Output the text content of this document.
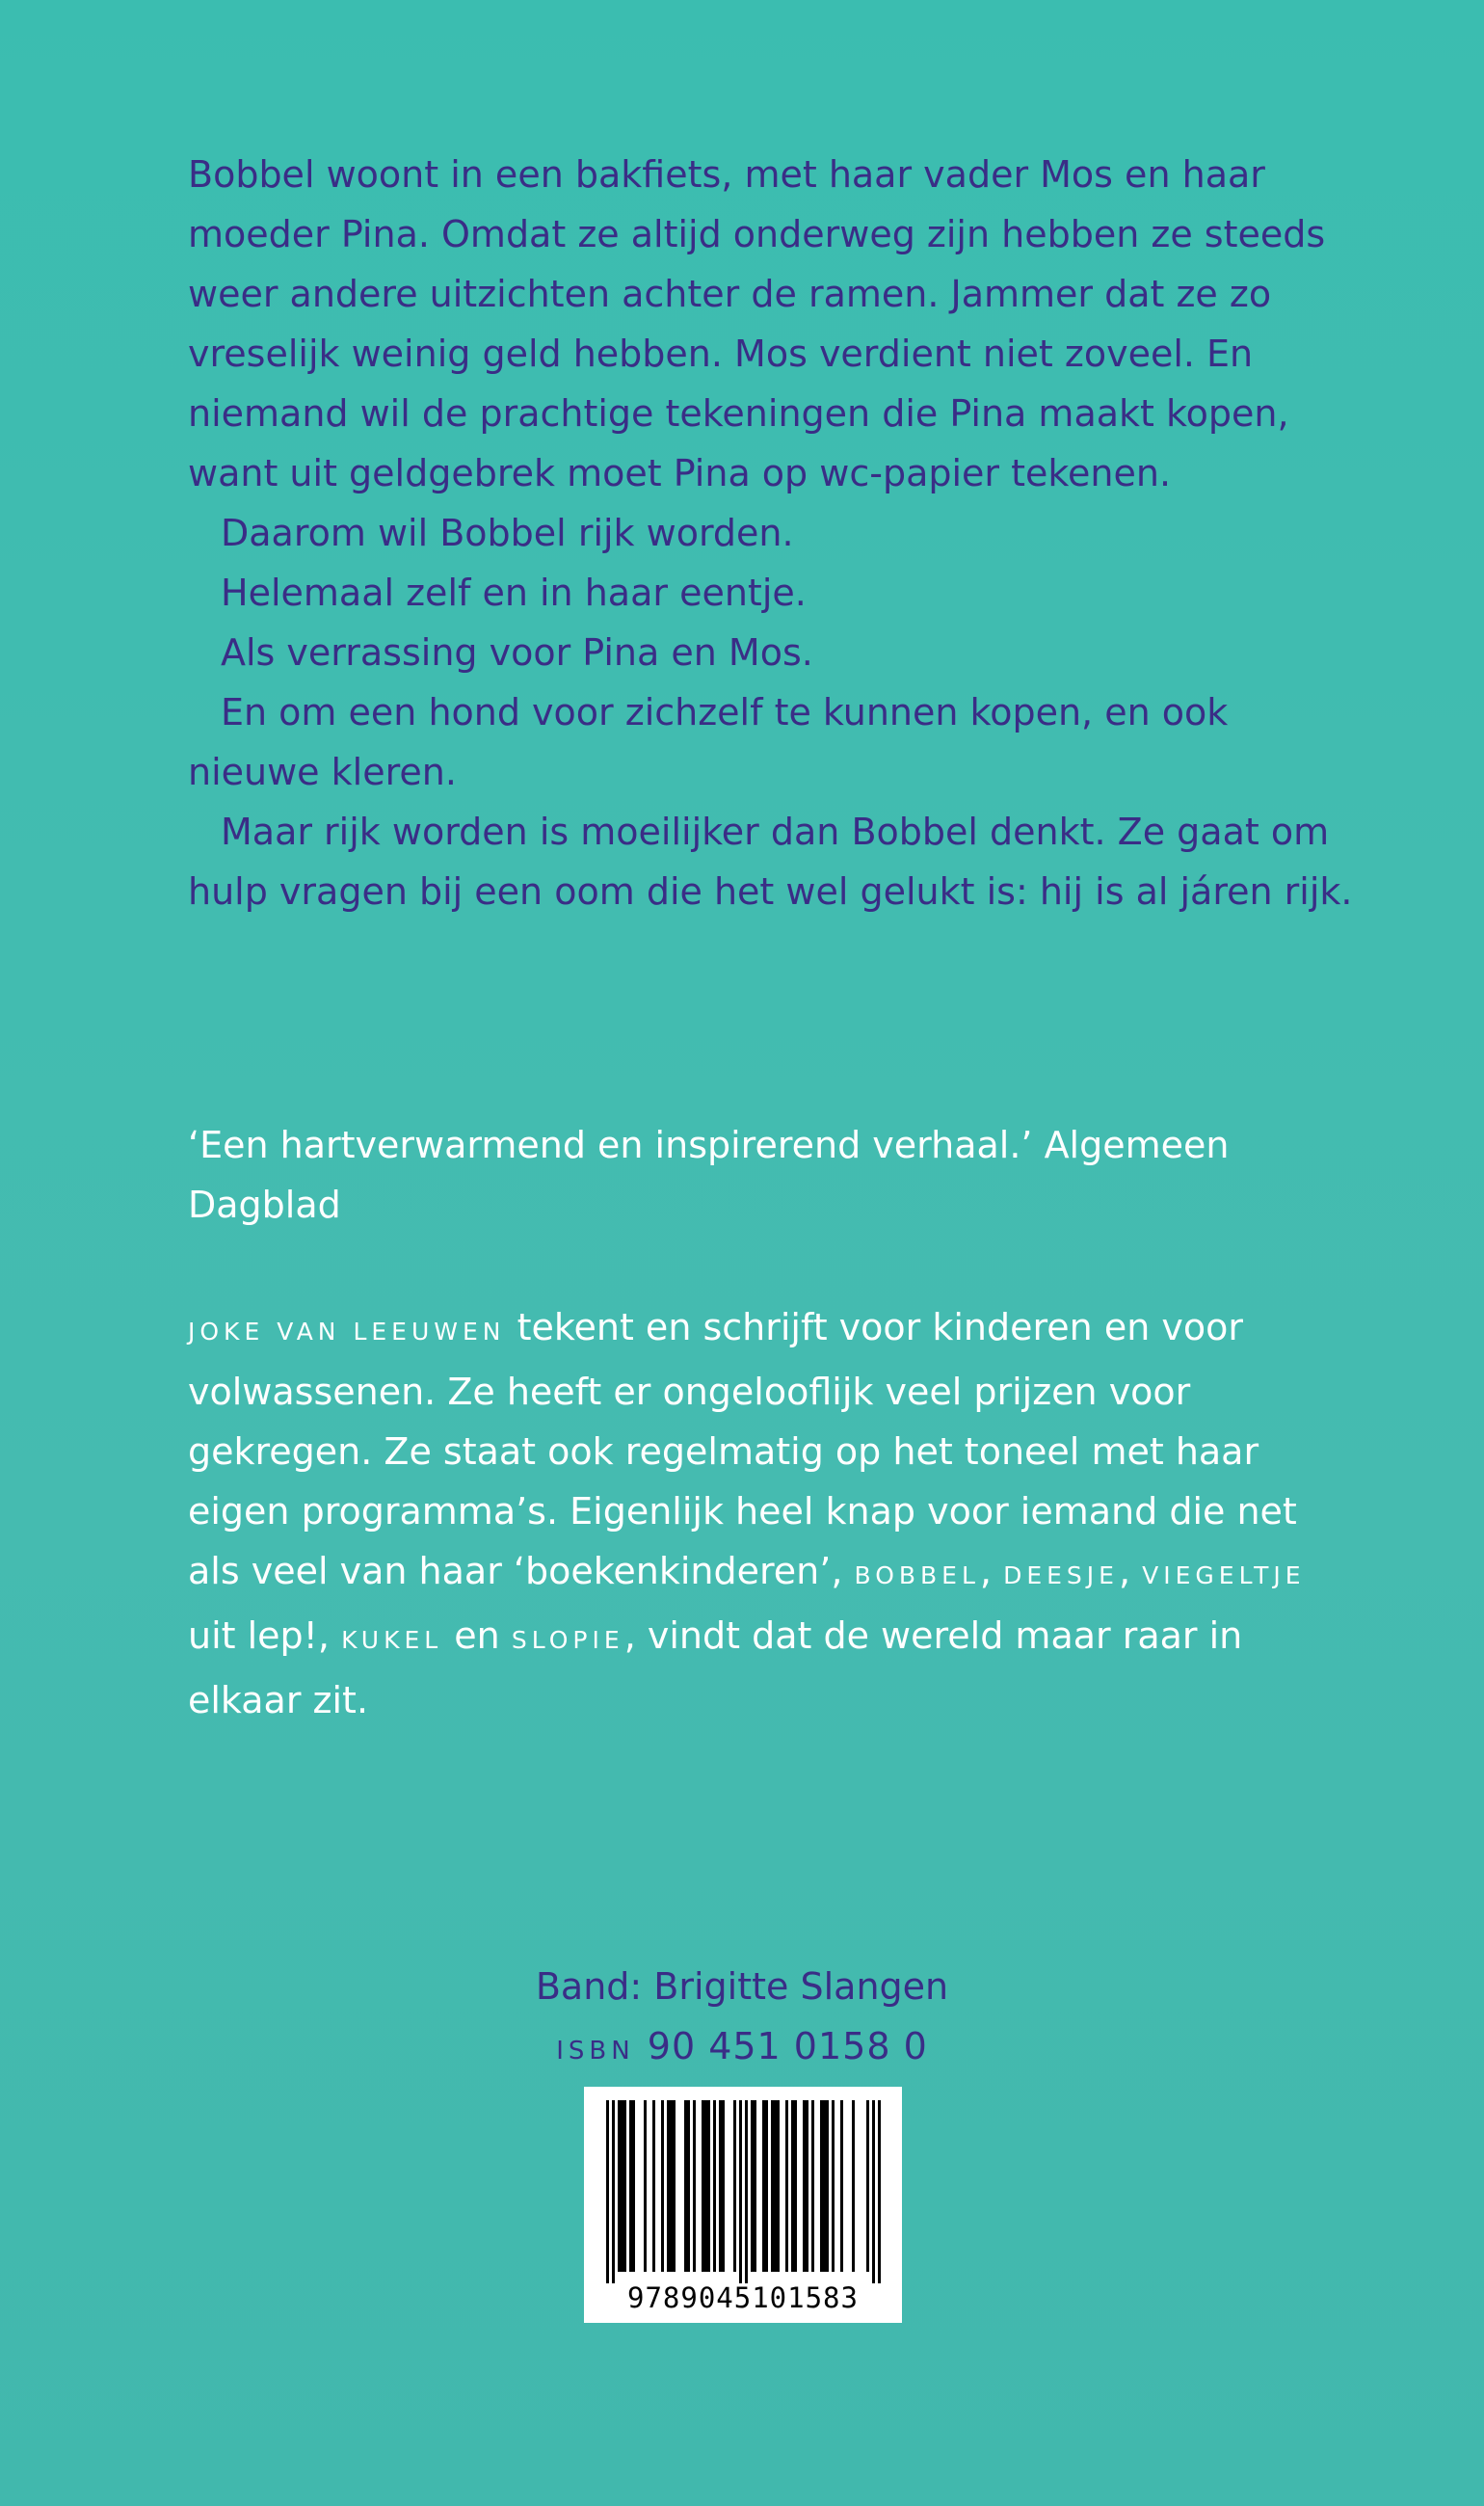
Bobbel woont in een bakfiets, met haar vader Mos en haar moeder Pina. Omdat ze altijd onderweg zijn hebben ze steeds weer andere uitzichten achter de ramen. Jammer dat ze zo vreselijk weinig geld hebben. Mos verdient niet zoveel. En niemand wil de prachtige tekeningen die Pina maakt kopen, want uit geldgebrek moet Pina op wc-papier tekenen.

Daarom wil Bobbel rijk worden.

Helemaal zelf en in haar eentje.

Als verrassing voor Pina en Mos.

En om een hond voor zichzelf te kunnen kopen, en ook nieuwe kleren.

Maar rijk worden is moeilijker dan Bobbel denkt. Ze gaat om hulp vragen bij een oom die het wel gelukt is: hij is al járen rijk.

‘Een hartverwarmend en inspirerend verhaal.’ Algemeen Dagblad
JOKE VAN LEEUWEN tekent en schrijft voor kinderen en voor volwassenen. Ze heeft er ongelooflijk veel prijzen voor gekregen. Ze staat ook regelmatig op het toneel met haar eigen programma’s. Eigenlijk heel knap voor iemand die net als veel van haar ‘boekenkinderen’, BOBBEL, DEESJE, VIEGELTJE uit lep!, KUKEL en SLOPIE, vindt dat de wereld maar raar in elkaar zit.
Band: Brigitte Slangen
ISBN 90 451 0158 0
9789045101583
